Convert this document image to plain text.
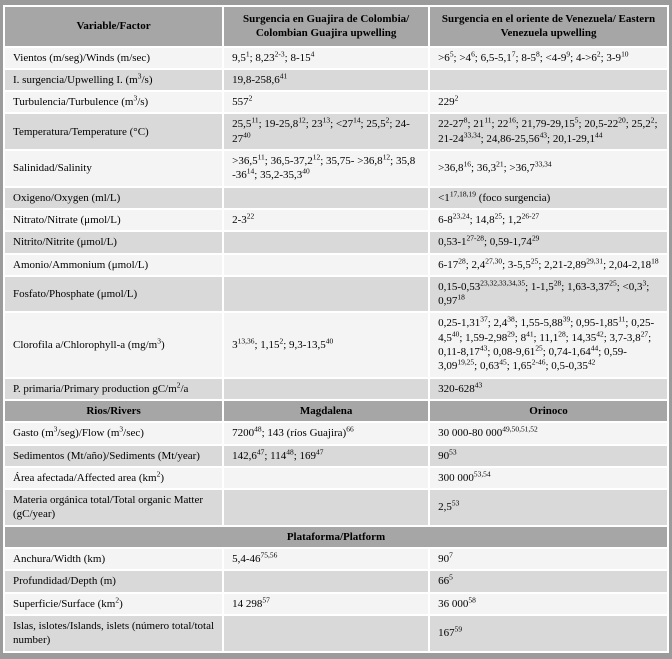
Variable/Factor	Surgencia en Guajira de Colombia/ Colombian Guajira upwelling	Surgencia en el oriente de Venezuela/ Eastern Venezuela upwelling
Vientos (m/seg)/Winds (m/sec)	$9,5^1$; 8,23$^{2-3}$; $8-15^4$	$>6^5$; $>4^6$; $6,5-5,1^7$; $8-5^8$; $<4-9^9$; $4->6^2$; $3-9^{10}$
I. surgencia/Upwelling I. $(m^3/s)$	19,8-258,6$^{41}$	
Turbulencia/Turbulence $(m^3/s)$	$557^2$	$229^2$
Temperatura/Temperature (°C)	25,5$^{11}$; 19-25,8$^{12}$; $23^{13}$; $<27^{14}$; 25,5$^2$; $24-27^{40}$	$22-27^8$; $21^{11}$; $22^{16}$; 21,79-29,15$^5$; $20,5-22^{20}$; 25,2$^2$; 21-24$^{33,34}$; 24,86-25,56$^{43}$; 20,1-29,1$^{44}$
Salinidad/Salinity	$>36,5^{11}$; 36,5-37,2$^{12}$; $35,75- >36,8^{12}$; 35,8 $-36^{14}$; $35,2-35,3^{40}$	$>36,8^{16}$; $36,3^{21}$; $>36,7^{33,34}$
Oxigeno/Oxygen (ml/L)		$<1^{17,18,19}$ (foco surgencia)
Nitrato/Nitrate (μmol/L)	$2-3^{22}$	6-8$^{23,24}$; 14,8$^{25}$; 1,2$^{26-27}$
Nitrito/Nitrite (μmol/L)		0,53-1$^{27-28}$; 0,59-1,74$^{29}$
Amonio/Ammonium (μmol/L)		$6-17^{28}$; 2,4$^{27,30}$; $3-5,5^{25}$; 2,21-2,89$^{29,31}$; 2,04-2,18$^{18}$
Fosfato/Phosphate (μmol/L)		0,15-0,53$^{23,32,33,34,35}$; $1-1,5^{28}$; $1,63-3,37^{25}$; $<0,3^3$; 0,97$^{18}$
Clorofila a/Chlorophyll-a $(mg/m^3)$	3$^{13,36}$; 1,15$^2$; 9,3-13,5$^{40}$	0,25-1,31$^{37}$; $2,4^{38}$; 1,55-5,88$^{39}$; 0,95-1,85$^{11}$; $0,25-4,5^{40}$; 1,59-2,98$^{29}$; $8^{41}$; 11,1$^{28}$; 14,35$^{42}$; $3,7-3,8^{27}$; 0,11-8,17$^{43}$; 0,08-9,61$^{25}$; 0,74-1,64$^{44}$; 0,59-3,09$^{19,25}$; 0,63$^{45}$; 1,65$^{2-46}$; 0,5-0,35$^{42}$
P. primaria/Primary production $gC/m^2/a$		$320-628^{43}$
Rios/Rivers	Magdalena	Orinoco
Gasto $(m^3/seg)$/Flow $(m^3/\sec)$	7200$^{48}$; 143 (ríos Guajira)$^{66}$	30 000-80 000$^{49,50,51,52}$
Sedimentos (Mt/año)/Sediments (Mt/year)	142,6$^{47}$; $114^{48}$; $169^{47}$	$90^{53}$
Área afectada/Affected area $(km^2)$		300 000$^{53,54}$
Materia orgánica total/Total organic Matter (gC/year)		$2,5^{53}$
Plataforma/Platform		
Anchura/Width (km)	5,4-46$^{75,56}$	$90^7$
Profundidad/Depth (m)		$66^5$
Superficie/Surface $(km^2)$	14 $298^{57}$	36 $000^{58}$
Islas, islotes/Islands, islets (número total/total number)		$167^{59}$
